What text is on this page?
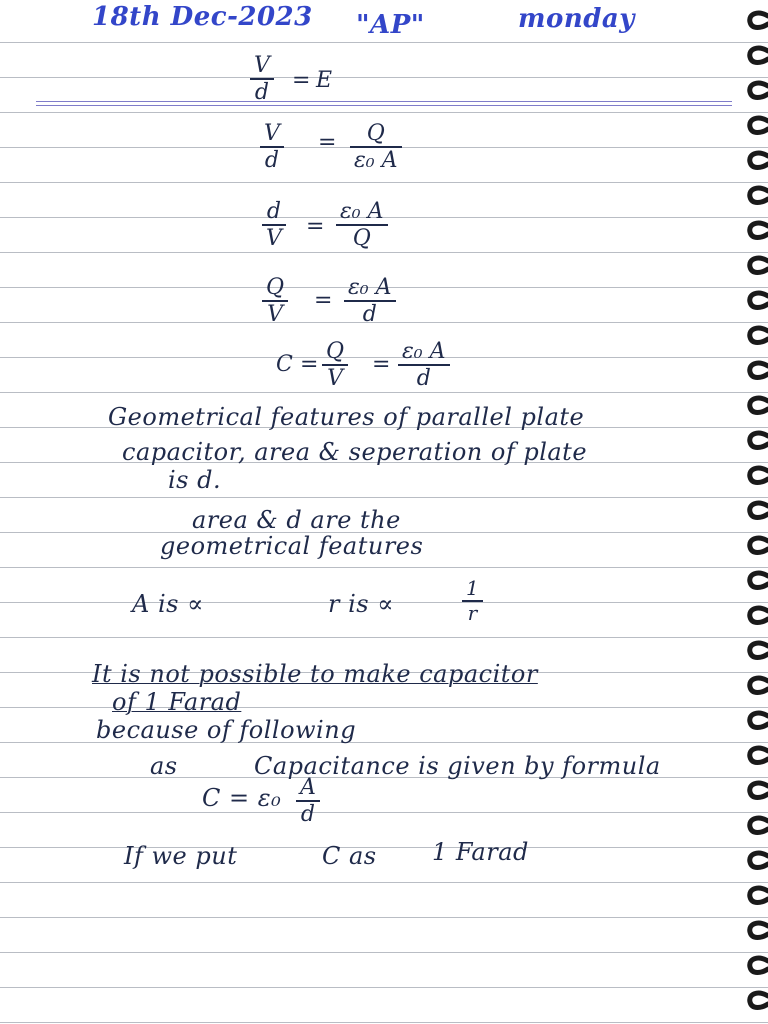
18th Dec-2023 "AP"	monday
V
d = E
V
d
= Q
ε₀ A
d
V =
ε₀ A
Q
Q
V
=
ε₀ A
d
C =
Q
V
=
ε₀ A
d
Geometrical features of parallel plate
capacitor, area & seperation of plate
is d.
area & d are the
geometrical features
A is ∝	r is ∝
1
r
It is not possible to make capacitor
of 1 Farad
because of following
as	Capacitance is given by formula
C = ε₀ A
d
If we put	C as 1 Farad
